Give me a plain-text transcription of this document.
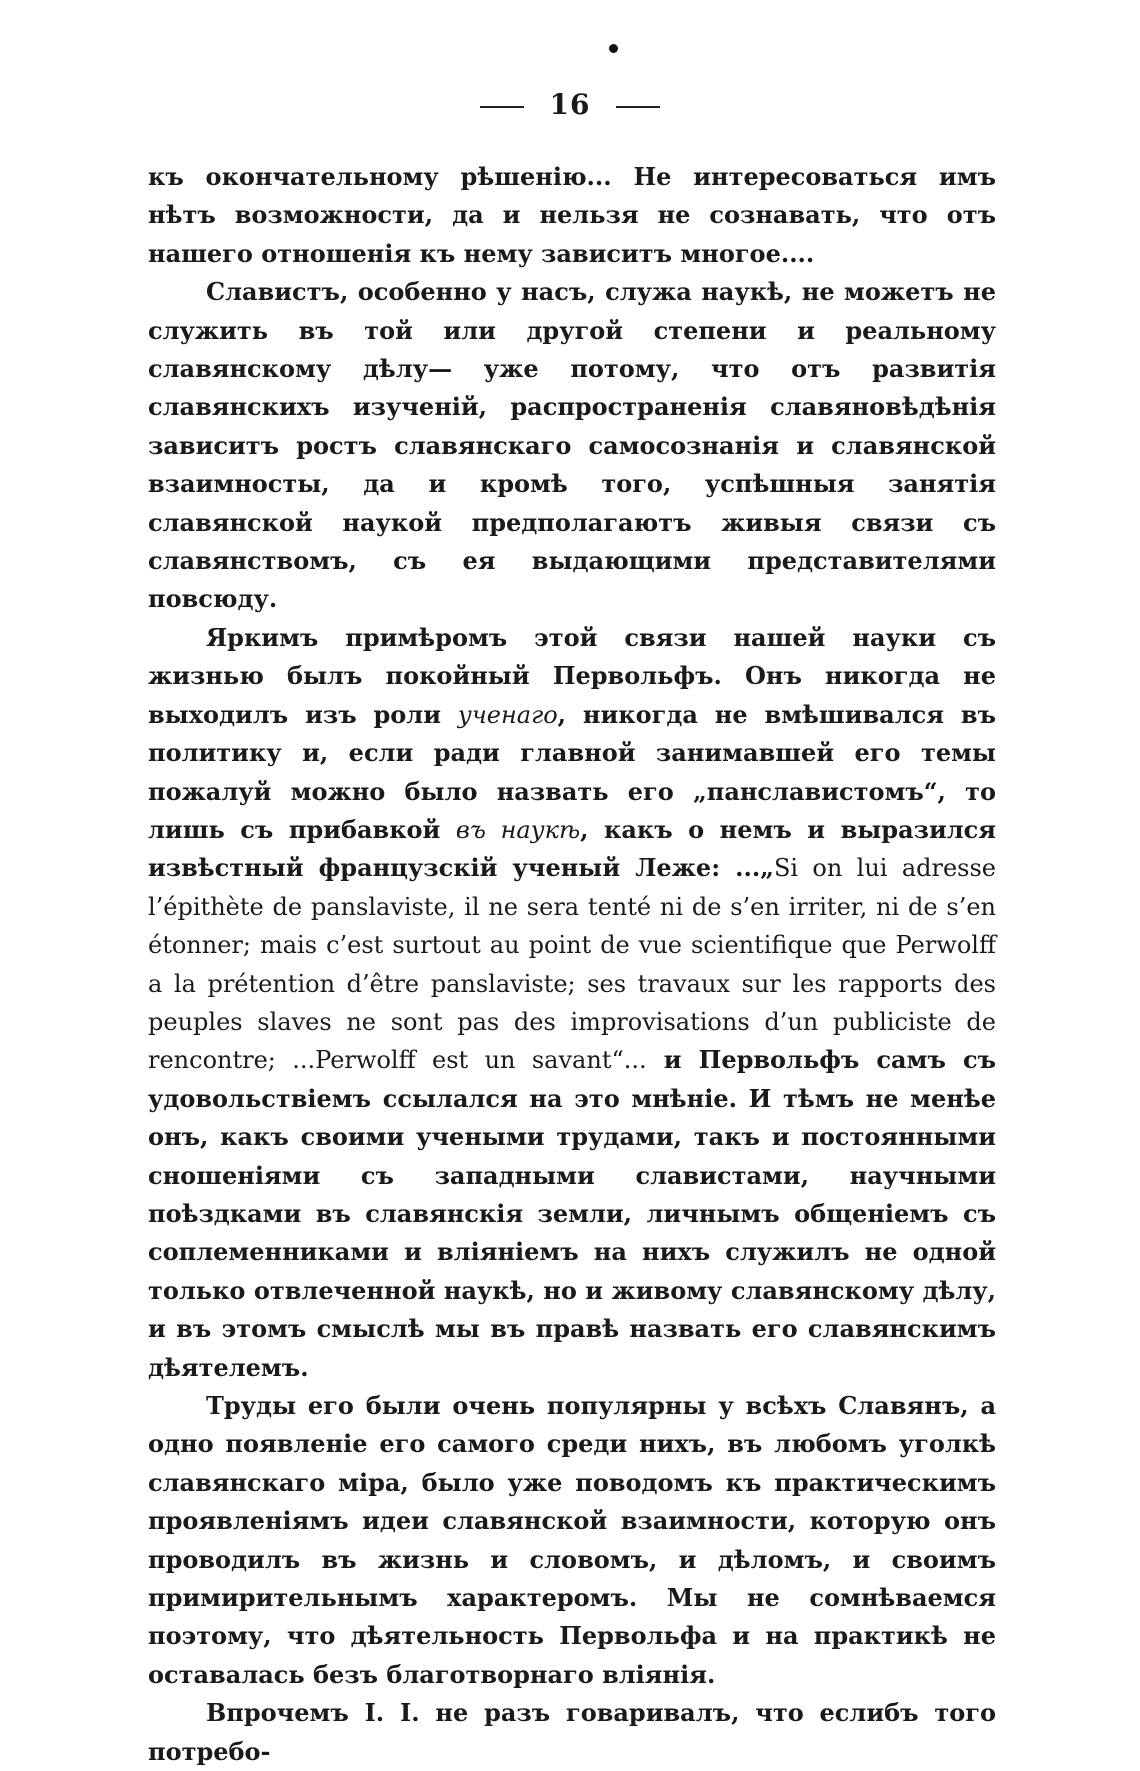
16

къ окончательному рѣшенію... Не интересоваться имъ нѣтъ возможности, да и нельзя не сознавать, что отъ нашего отношенія къ нему зависитъ многое....

Славистъ, особенно у насъ, служа наукѣ, не можетъ не служить въ той или другой степени и реальному славянскому дѣлу— уже потому, что отъ развитія славянскихъ изученій, распространенія славяновѣдѣнія зависитъ ростъ славянскаго самосознанія и славянской взаимносты, да и кромѣ того, успѣшныя занятія славянской наукой предполагаютъ живыя связи съ славянствомъ, съ ея выдающими представителями повсюду.

Яркимъ примѣромъ этой связи нашей науки съ жизнью былъ покойный Первольфъ. Онъ никогда не выходилъ изъ роли ученаго, никогда не вмѣшивался въ политику и, если ради главной занимавшей его темы пожалуй можно было назвать его „панславистомъ“, то лишь съ прибавкой въ наукѣ, какъ о немъ и выразился извѣстный французскій ученый Леже: ...„Si on lui adresse l’épithète de panslaviste, il ne sera tenté ni de s’en irriter, ni de s’en étonner; mais c’est surtout au point de vue scientifique que Perwolff a la prétention d’être panslaviste; ses travaux sur les rapports des peuples slaves ne sont pas des improvisations d’un publiciste de rencontre; ...Perwolff est un savant“... и Первольфъ самъ съ удовольствіемъ ссылался на это мнѣніе. И тѣмъ не менѣе онъ, какъ своими учеными трудами, такъ и постоянными сношеніями съ западными славистами, научными поѣздками въ славянскія земли, личнымъ общеніемъ съ соплеменниками и вліяніемъ на нихъ служилъ не одной только отвлеченной наукѣ, но и живому славянскому дѣлу, и въ этомъ смыслѣ мы въ правѣ назвать его славянскимъ дѣятелемъ.

Труды его были очень популярны у всѣхъ Славянъ, а одно появленіе его самого среди нихъ, въ любомъ уголкѣ славянскаго міра, было уже поводомъ къ практическимъ проявленіямъ идеи славянской взаимности, которую онъ проводилъ въ жизнь и словомъ, и дѣломъ, и своимъ примирительнымъ характеромъ. Мы не сомнѣваемся поэтому, что дѣятельность Первольфа и на практикѣ не оставалась безъ благотворнаго вліянія.

Впрочемъ I. I. не разъ говаривалъ, что еслибъ того потребо-
